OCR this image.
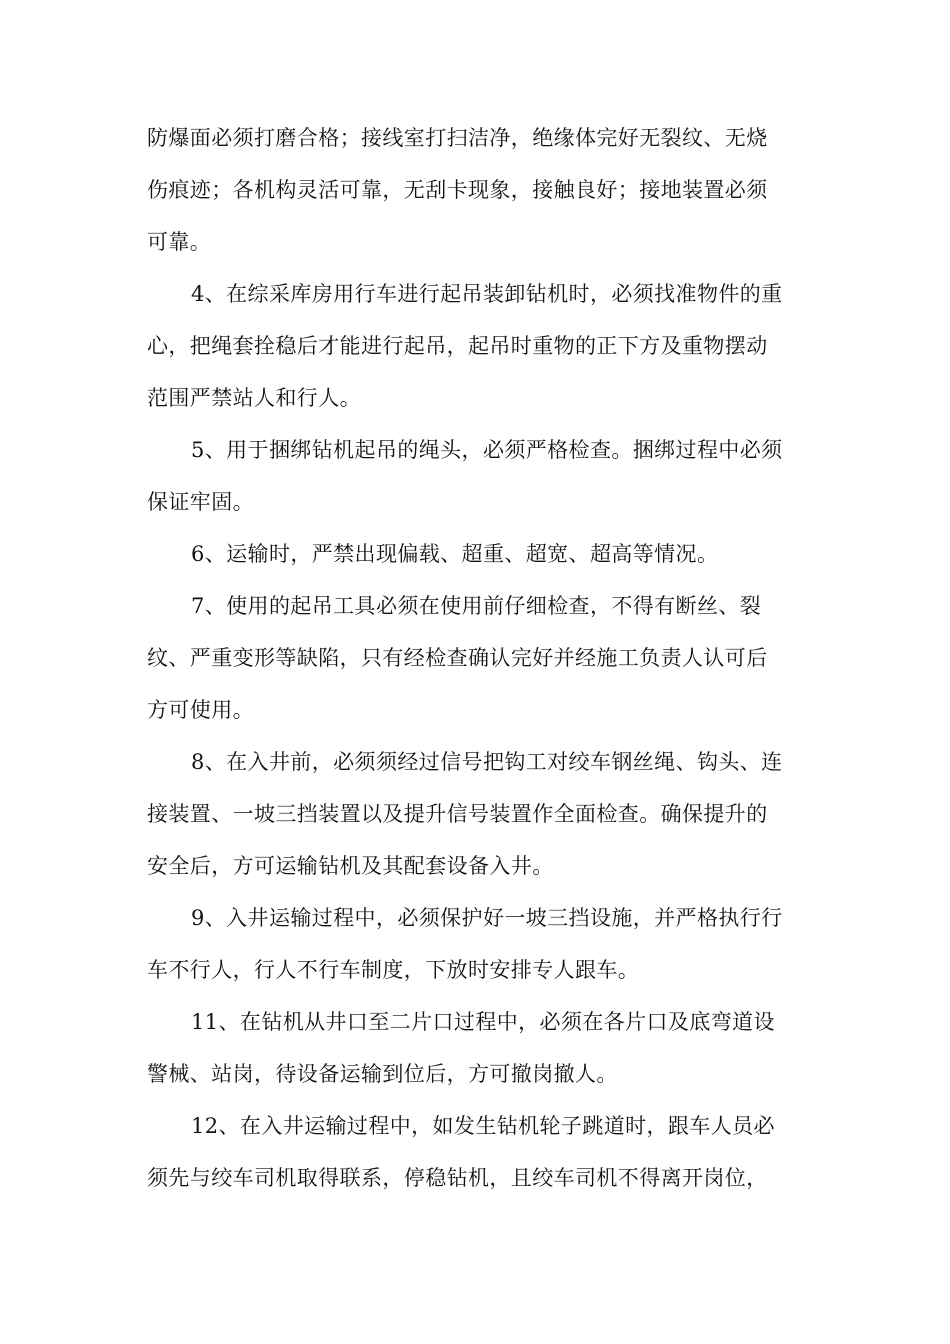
防爆面必须打磨合格；接线室打扫洁净，绝缘体完好无裂纹、无烧
伤痕迹；各机构灵活可靠，无刮卡现象，接触良好；接地装置必须
可靠。
4、在综采库房用行车进行起吊装卸钻机时，必须找准物件的重
心，把绳套拴稳后才能进行起吊，起吊时重物的正下方及重物摆动
范围严禁站人和行人。
5、用于捆绑钻机起吊的绳头，必须严格检查。捆绑过程中必须
保证牢固。
6、运输时，严禁出现偏载、超重、超宽、超高等情况。
7、使用的起吊工具必须在使用前仔细检查，不得有断丝、裂
纹、严重变形等缺陷，只有经检查确认完好并经施工负责人认可后
方可使用。
8、在入井前，必须须经过信号把钩工对绞车钢丝绳、钩头、连
接装置、一坡三挡装置以及提升信号装置作全面检查。确保提升的
安全后，方可运输钻机及其配套设备入井。
9、入井运输过程中，必须保护好一坡三挡设施，并严格执行行
车不行人，行人不行车制度，下放时安排专人跟车。
11、在钻机从井口至二片口过程中，必须在各片口及底弯道设
警械、站岗，待设备运输到位后，方可撤岗撤人。
12、在入井运输过程中，如发生钻机轮子跳道时，跟车人员必
须先与绞车司机取得联系，停稳钻机，且绞车司机不得离开岗位，
